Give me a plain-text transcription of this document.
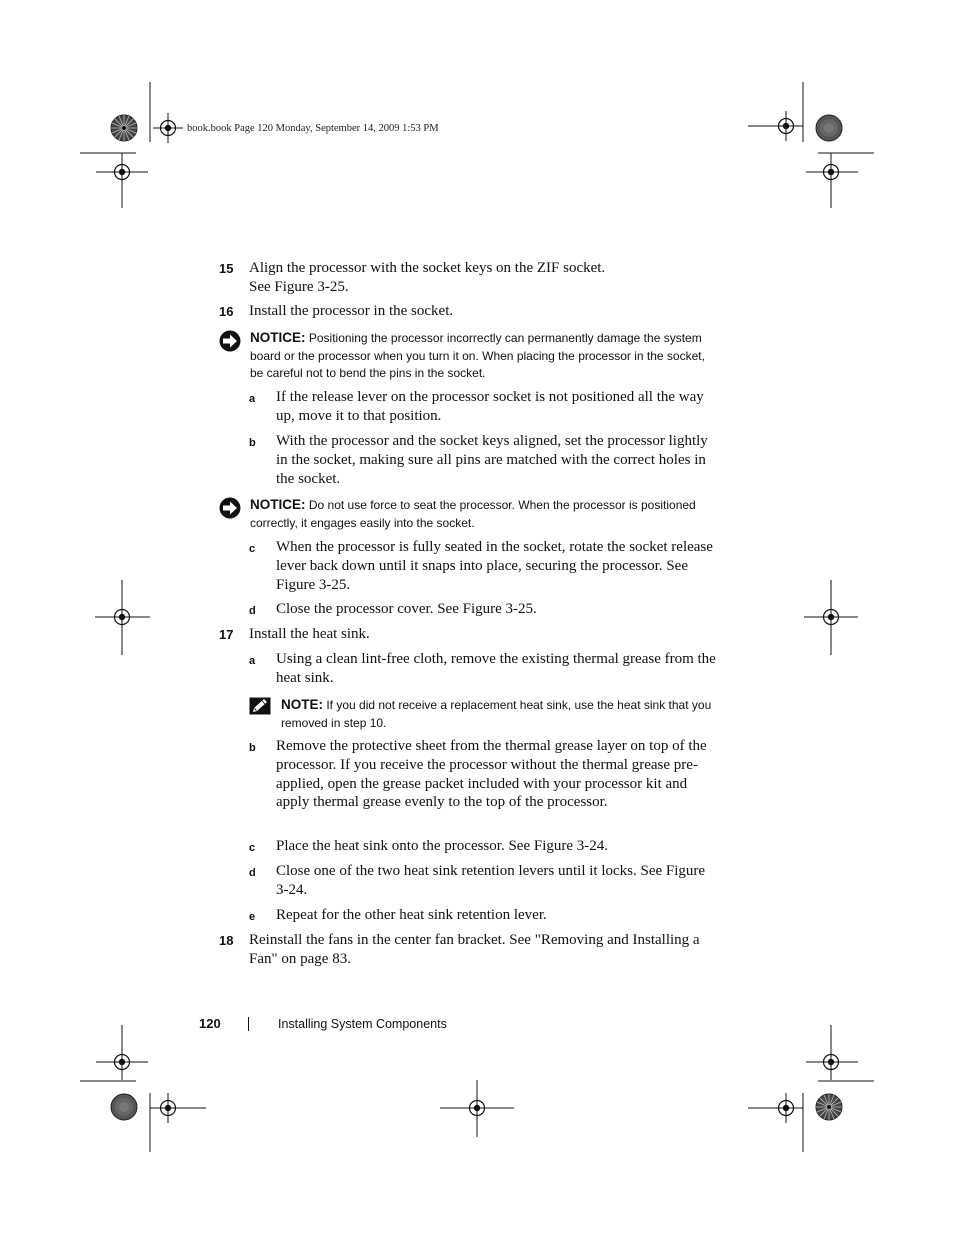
book.book Page 120 Monday, September 14, 2009 1:53 PM
15 Align the processor with the socket keys on the ZIF socket.
See Figure 3-25.
16 Install the processor in the socket.
NOTICE: Positioning the processor incorrectly can permanently damage the system board or the processor when you turn it on. When placing the processor in the socket, be careful not to bend the pins in the socket.
a If the release lever on the processor socket is not positioned all the way up, move it to that position.
b With the processor and the socket keys aligned, set the processor lightly in the socket, making sure all pins are matched with the correct holes in the socket.
NOTICE: Do not use force to seat the processor. When the processor is positioned correctly, it engages easily into the socket.
c When the processor is fully seated in the socket, rotate the socket release lever back down until it snaps into place, securing the processor. See Figure 3-25.
d Close the processor cover. See Figure 3-25.
17 Install the heat sink.
a Using a clean lint-free cloth, remove the existing thermal grease from the heat sink.
NOTE: If you did not receive a replacement heat sink, use the heat sink that you removed in step 10.
b Remove the protective sheet from the thermal grease layer on top of the processor. If you receive the processor without the thermal grease pre-applied, open the grease packet included with your processor kit and apply thermal grease evenly to the top of the processor.
c Place the heat sink onto the processor. See Figure 3-24.
d Close one of the two heat sink retention levers until it locks. See Figure 3-24.
e Repeat for the other heat sink retention lever.
18 Reinstall the fans in the center fan bracket. See "Removing and Installing a Fan" on page 83.
120	Installing System Components
